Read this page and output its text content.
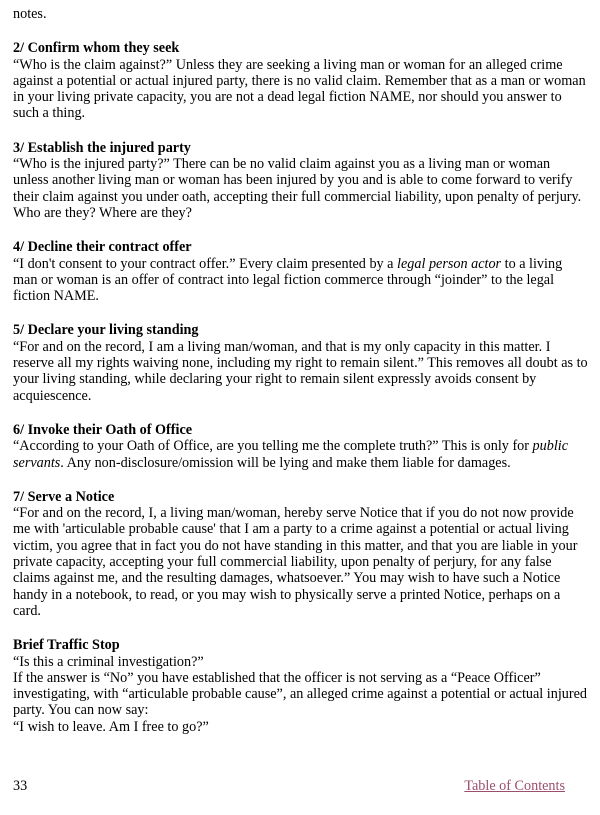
notes.

2/ Confirm whom they seek

“Who is the claim against?” Unless they are seeking a living man or woman for an alleged crime against a potential or actual injured party, there is no valid claim. Remember that as a man or woman in your living private capacity, you are not a dead legal fiction NAME, nor should you answer to such a thing.

3/ Establish the injured party

“Who is the injured party?” There can be no valid claim against you as a living man or woman unless another living man or woman has been injured by you and is able to come forward to verify their claim against you under oath, accepting their full commercial liability, upon penalty of perjury. Who are they? Where are they?

4/ Decline their contract offer

“I don't consent to your contract offer.” Every claim presented by a legal person actor to a living man or woman is an offer of contract into legal fiction commerce through “joinder” to the legal fiction NAME.

5/ Declare your living standing

“For and on the record, I am a living man/woman, and that is my only capacity in this matter. I reserve all my rights waiving none, including my right to remain silent.” This removes all doubt as to your living standing, while declaring your right to remain silent expressly avoids consent by acquiescence.

6/ Invoke their Oath of Office

“According to your Oath of Office, are you telling me the complete truth?” This is only for public servants. Any non-disclosure/omission will be lying and make them liable for damages.

7/ Serve a Notice

“For and on the record, I, a living man/woman, hereby serve Notice that if you do not now provide me with 'articulable probable cause' that I am a party to a crime against a potential or actual living victim, you agree that in fact you do not have standing in this matter, and that you are liable in your private capacity, accepting your full commercial liability, upon penalty of perjury, for any false claims against me, and the resulting damages, whatsoever.” You may wish to have such a Notice handy in a notebook, to read, or you may wish to physically serve a printed Notice, perhaps on a card.

Brief Traffic Stop

“Is this a criminal investigation?”

If the answer is “No” you have established that the officer is not serving as a “Peace Officer” investigating, with “articulable probable cause”, an alleged crime against a potential or actual injured party. You can now say:

“I wish to leave. Am I free to go?”

33	Table of Contents
